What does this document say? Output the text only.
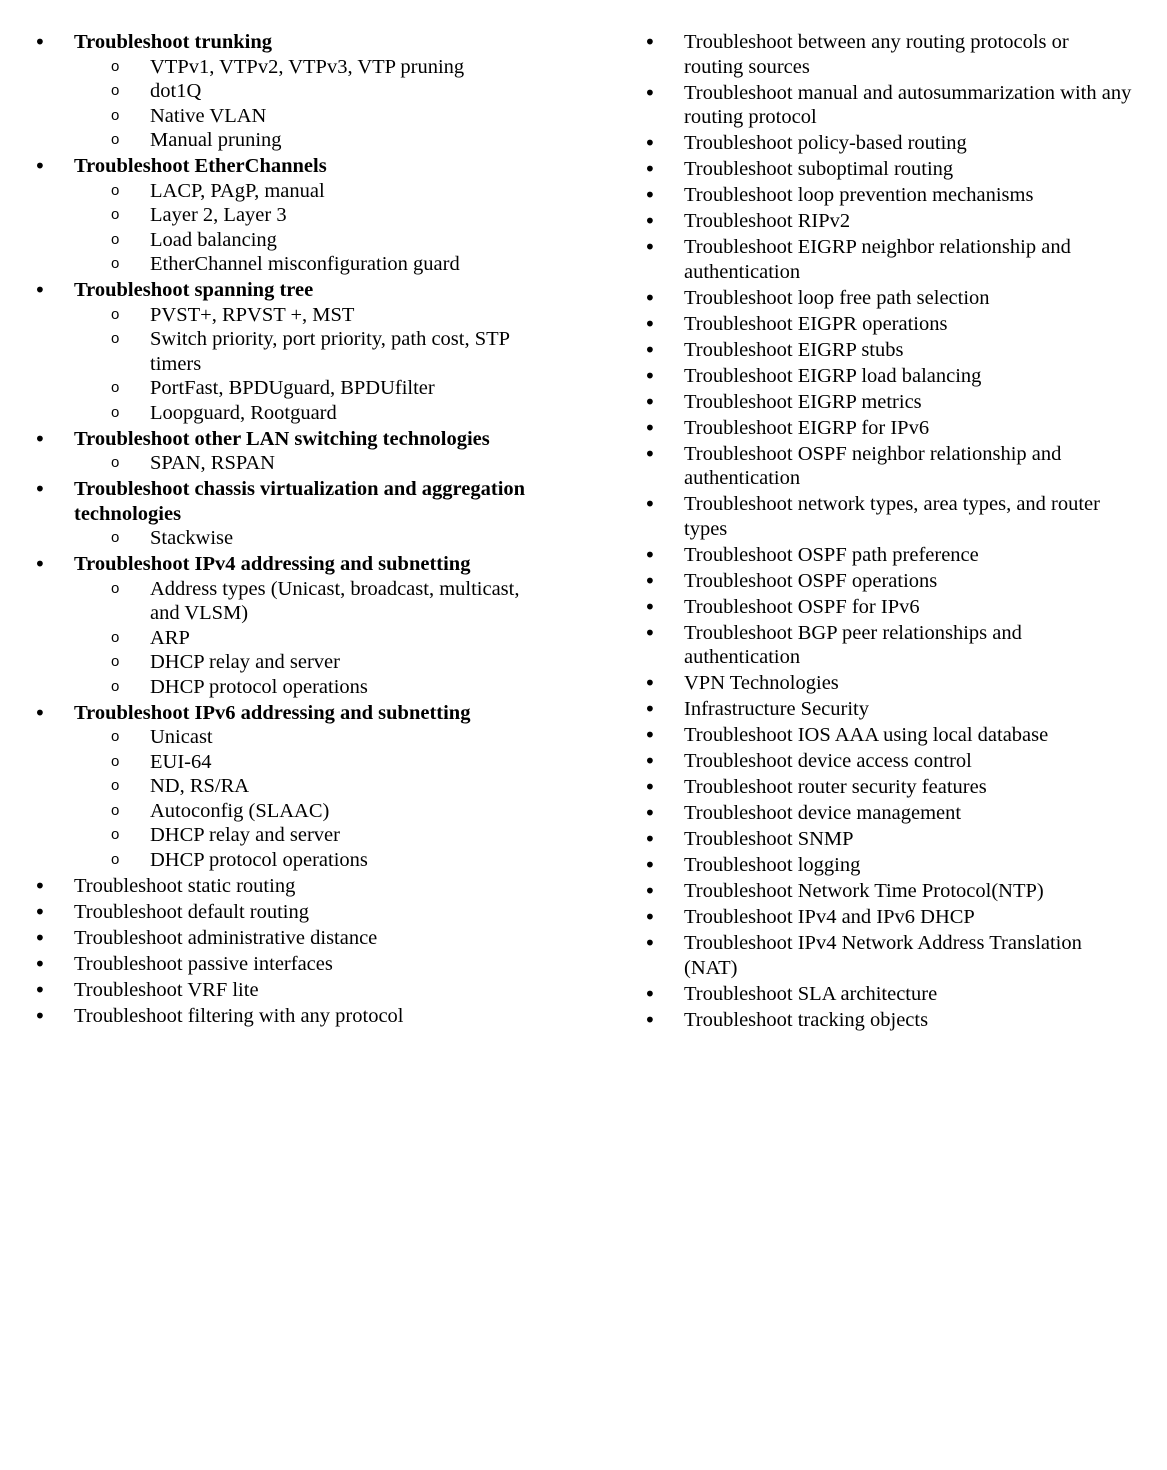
• Troubleshoot trunking
o VTPv1, VTPv2, VTPv3, VTP pruning
o dot1Q
o Native VLAN
o Manual pruning
• Troubleshoot EtherChannels
o LACP, PAgP, manual
o Layer 2, Layer 3
o Load balancing
o EtherChannel misconfiguration guard
• Troubleshoot spanning tree
o PVST+, RPVST +, MST
o Switch priority, port priority, path cost, STP timers
o PortFast, BPDUguard, BPDUfilter
o Loopguard, Rootguard
• Troubleshoot other LAN switching technologies
o SPAN, RSPAN
• Troubleshoot chassis virtualization and aggregation technologies
o Stackwise
• Troubleshoot IPv4 addressing and subnetting
o Address types (Unicast, broadcast, multicast, and VLSM)
o ARP
o DHCP relay and server
o DHCP protocol operations
• Troubleshoot IPv6 addressing and subnetting
o Unicast
o EUI-64
o ND, RS/RA
o Autoconfig (SLAAC)
o DHCP relay and server
o DHCP protocol operations
• Troubleshoot static routing
• Troubleshoot default routing
• Troubleshoot administrative distance
• Troubleshoot passive interfaces
• Troubleshoot VRF lite
• Troubleshoot filtering with any protocol
• Troubleshoot between any routing protocols or routing sources
• Troubleshoot manual and autosummarization with any routing protocol
• Troubleshoot policy-based routing
• Troubleshoot suboptimal routing
• Troubleshoot loop prevention mechanisms
• Troubleshoot RIPv2
• Troubleshoot EIGRP neighbor relationship and authentication
• Troubleshoot loop free path selection
• Troubleshoot EIGPR operations
• Troubleshoot EIGRP stubs
• Troubleshoot EIGRP load balancing
• Troubleshoot EIGRP metrics
• Troubleshoot EIGRP for IPv6
• Troubleshoot OSPF neighbor relationship and authentication
• Troubleshoot network types, area types, and router types
• Troubleshoot OSPF path preference
• Troubleshoot OSPF operations
• Troubleshoot OSPF for IPv6
• Troubleshoot BGP peer relationships and authentication
• VPN Technologies
• Infrastructure Security
• Troubleshoot IOS AAA using local database
• Troubleshoot device access control
• Troubleshoot router security features
• Troubleshoot device management
• Troubleshoot SNMP
• Troubleshoot logging
• Troubleshoot Network Time Protocol(NTP)
• Troubleshoot IPv4 and IPv6 DHCP
• Troubleshoot IPv4 Network Address Translation (NAT)
• Troubleshoot SLA architecture
• Troubleshoot tracking objects
